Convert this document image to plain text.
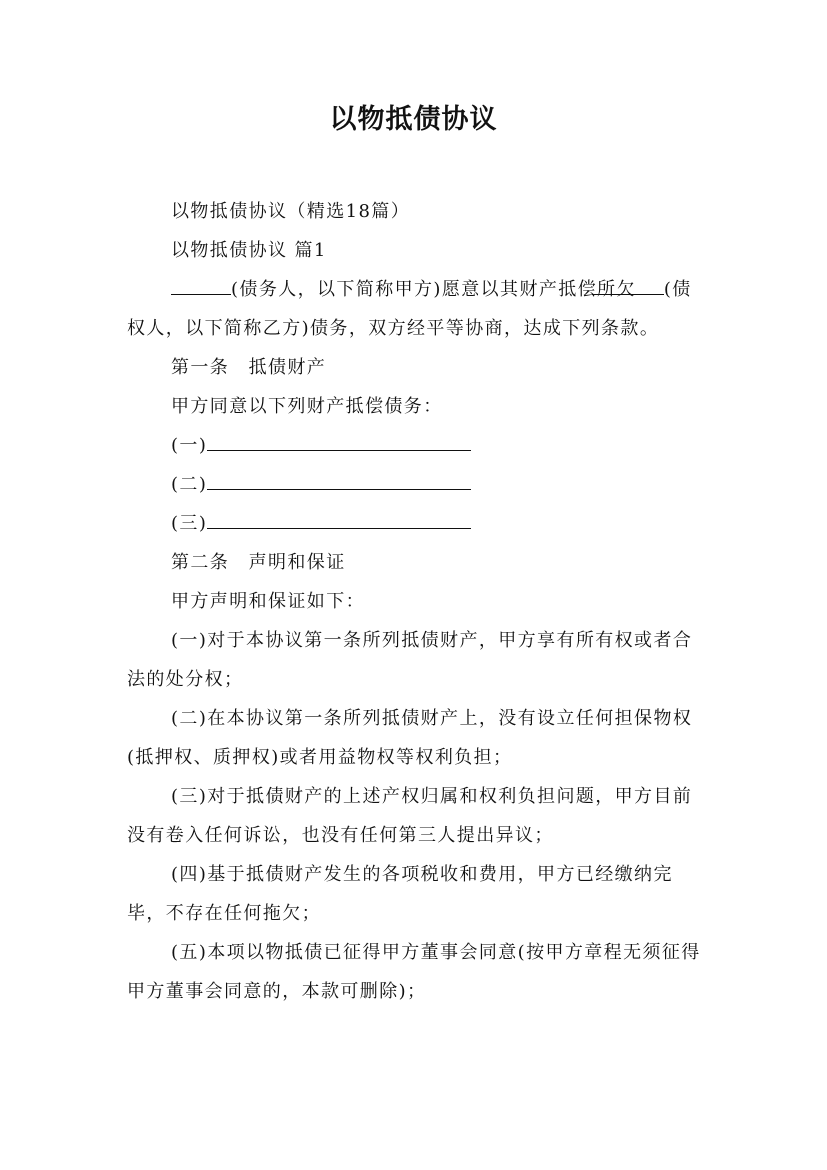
以物抵债协议

以物抵债协议（精选18篇）

以物抵债协议 篇1

(债务人，以下简称甲方)愿意以其财产抵偿所欠 (债权人，以下简称乙方)债务，双方经平等协商，达成下列条款。

第一条　抵债财产

甲方同意以下列财产抵偿债务：

(一)

(二)

(三)

第二条　声明和保证

甲方声明和保证如下：

(一)对于本协议第一条所列抵债财产，甲方享有所有权或者合法的处分权；

(二)在本协议第一条所列抵债财产上，没有设立任何担保物权(抵押权、质押权)或者用益物权等权利负担；

(三)对于抵债财产的上述产权归属和权利负担问题，甲方目前没有卷入任何诉讼，也没有任何第三人提出异议；

(四)基于抵债财产发生的各项税收和费用，甲方已经缴纳完毕，不存在任何拖欠；

(五)本项以物抵债已征得甲方董事会同意(按甲方章程无须征得甲方董事会同意的，本款可删除)；
